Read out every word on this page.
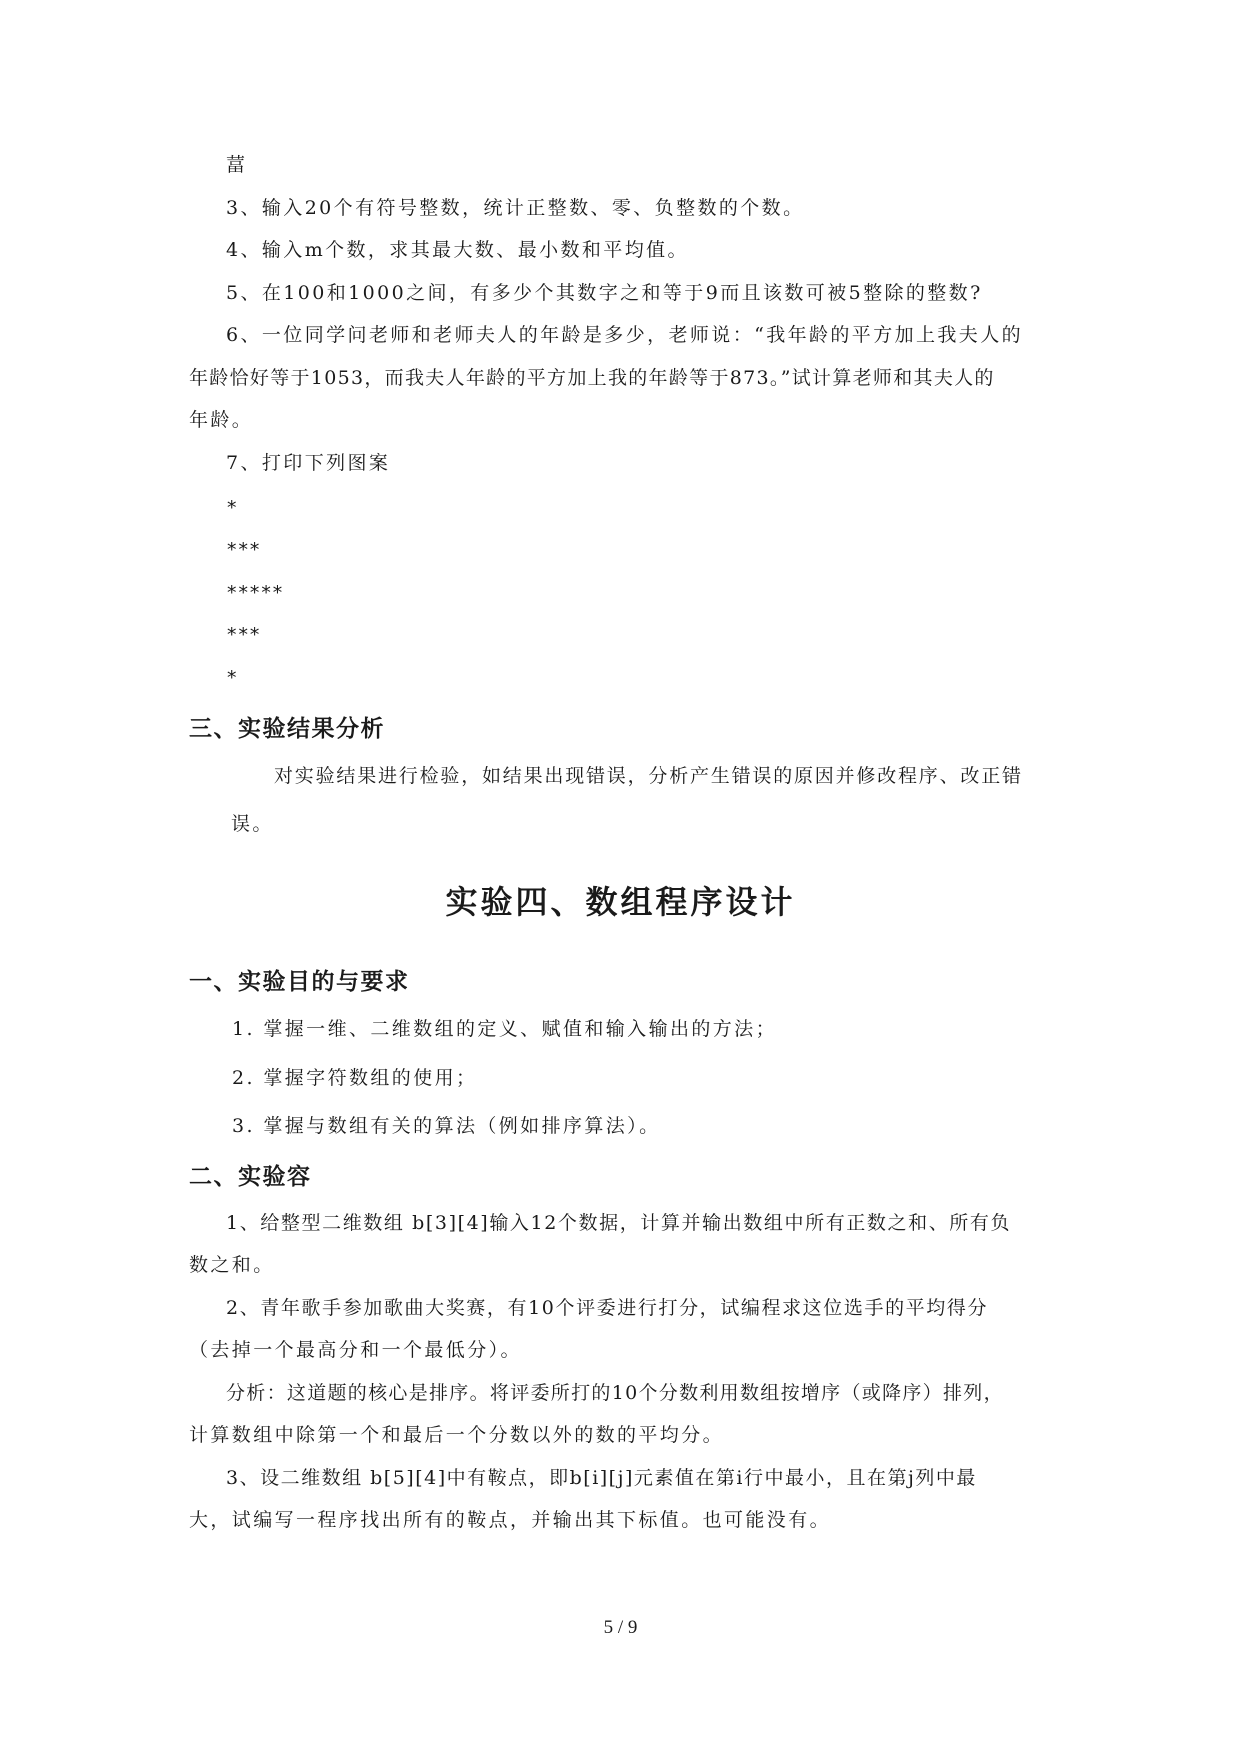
葍
3、输入20个有符号整数，统计正整数、零、负整数的个数。
4、输入m个数，求其最大数、最小数和平均值。
5、在100和1000之间，有多少个其数字之和等于9而且该数可被5整除的整数?
6、一位同学问老师和老师夫人的年龄是多少，老师说：“我年龄的平方加上我夫人的
年龄恰好等于1053，而我夫人年龄的平方加上我的年龄等于873。”试计算老师和其夫人的
年龄。
7、打印下列图案
*
***
*****
***
*
三、实验结果分析
对实验结果进行检验，如结果出现错误，分析产生错误的原因并修改程序、改正错
误。
实验四、数组程序设计
一、实验目的与要求
1. 掌握一维、二维数组的定义、赋值和输入输出的方法；
2. 掌握字符数组的使用；
3. 掌握与数组有关的算法（例如排序算法）。
二、实验容
1、给整型二维数组 b[3][4]输入12个数据，计算并输出数组中所有正数之和、所有负
数之和。
2、青年歌手参加歌曲大奖赛，有10个评委进行打分，试编程求这位选手的平均得分
（去掉一个最高分和一个最低分）。
分析：这道题的核心是排序。将评委所打的10个分数利用数组按增序（或降序）排列，
计算数组中除第一个和最后一个分数以外的数的平均分。
3、设二维数组 b[5][4]中有鞍点，即b[i][j]元素值在第i行中最小，且在第j列中最
大，试编写一程序找出所有的鞍点，并输出其下标值。也可能没有。
5 / 9
